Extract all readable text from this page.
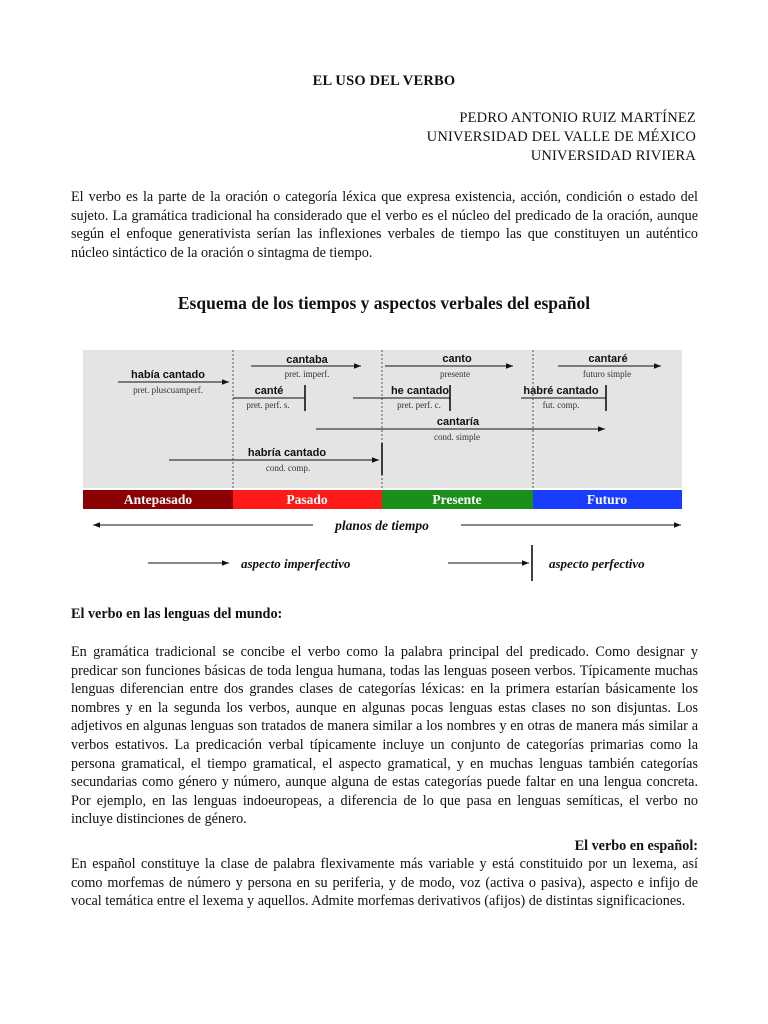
EL USO DEL VERBO
PEDRO ANTONIO RUIZ MARTÍNEZ
UNIVERSIDAD DEL VALLE DE MÉXICO
UNIVERSIDAD RIVIERA

El verbo es la parte de la oración o categoría léxica que expresa existencia, acción, condición o estado del sujeto. La gramática tradicional ha considerado que el verbo es el núcleo del predicado de la oración, aunque según el enfoque generativista serían las inflexiones verbales de tiempo las que constituyen un auténtico núcleo sintáctico de la oración o sintagma de tiempo.

Esquema de los tiempos y aspectos verbales del español
había cantado
pret. pluscuamperf.
cantaba
pret. imperf.
canté
pret. perf. s.
canto
presente
he cantado
pret. perf. c.
cantaré
futuro simple
habré cantado
fut. comp.
cantaría
cond. simple
habría cantado
cond. comp.
Antepasado	Pasado	Presente	Futuro
planos de tiempo
aspecto imperfectivo	aspecto perfectivo
El verbo en las lenguas del mundo:

En gramática tradicional se concibe el verbo como la palabra principal del predicado. Como designar y predicar son funciones básicas de toda lengua humana, todas las lenguas poseen verbos. Típicamente muchas lenguas diferencian entre dos grandes clases de categorías léxicas: en la primera estarían básicamente los nombres y en la segunda los verbos, aunque en algunas pocas lenguas estas clases no son disjuntas. Los adjetivos en algunas lenguas son tratados de manera similar a los nombres y en otras de manera más similar a verbos estativos. La predicación verbal típicamente incluye un conjunto de categorías primarias como la persona gramatical, el tiempo gramatical, el aspecto gramatical, y en muchas lenguas también categorías secundarias como género y número, aunque alguna de estas categorías puede faltar en una lengua concreta. Por ejemplo, en las lenguas indoeuropeas, a diferencia de lo que pasa en lenguas semíticas, el verbo no incluye distinciones de género.

El verbo en español:

En español constituye la clase de palabra flexivamente más variable y está constituido por un lexema, así como morfemas de número y persona en su periferia, y de modo, voz (activa o pasiva), aspecto e infijo de vocal temática entre el lexema y aquellos. Admite morfemas derivativos (afijos) de distintas significaciones.
